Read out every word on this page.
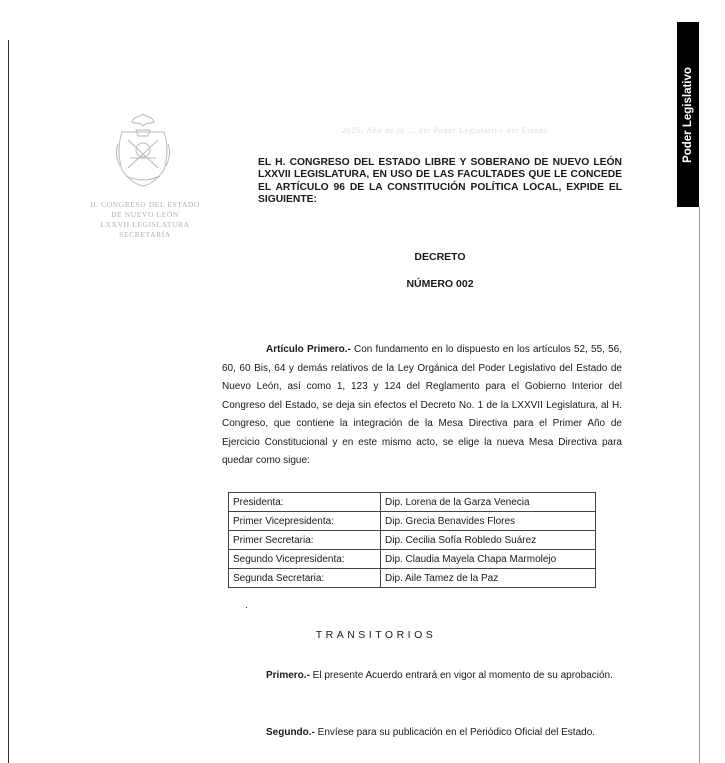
Poder Legislativo
H. CONGRESO DEL ESTADO
DE NUEVO LEÓN
LXXVII LEGISLATURA
SECRETARÍA
2025, Año de la ... del Poder Legislativo del Estado

EL H. CONGRESO DEL ESTADO LIBRE Y SOBERANO DE NUEVO LEÓN LXXVII LEGISLATURA, EN USO DE LAS FACULTADES QUE LE CONCEDE EL ARTÍCULO 96 DE LA CONSTITUCIÓN POLÍTICA LOCAL, EXPIDE EL SIGUIENTE:

DECRETO
NÚMERO 002

Artículo Primero.- Con fundamento en lo dispuesto en los artículos 52, 55, 56, 60, 60 Bis, 64 y demás relativos de la Ley Orgánica del Poder Legislativo del Estado de Nuevo León, así como 1, 123 y 124 del Reglamento para el Gobierno Interior del Congreso del Estado, se deja sin efectos el Decreto No. 1 de la LXXVII Legislatura, al H. Congreso, que contiene la integración de la Mesa Directiva para el Primer Año de Ejercicio Constitucional y en este mismo acto, se elige la nueva Mesa Directiva para quedar como sigue:

Presidenta:	Dip. Lorena de la Garza Venecia
Primer Vicepresidenta:	Dip. Grecia Benavides Flores
Primer Secretaria:	Dip. Cecilia Sofía Robledo Suárez
Segundo Vicepresidenta:	Dip. Claudia Mayela Chapa Marmolejo
Segunda Secretaria:	Dip. Aile Tamez de la Paz
.
TRANSITORIOS

Primero.- El presente Acuerdo entrará en vigor al momento de su aprobación.

Segundo.- Envíese para su publicación en el Periódico Oficial del Estado.
